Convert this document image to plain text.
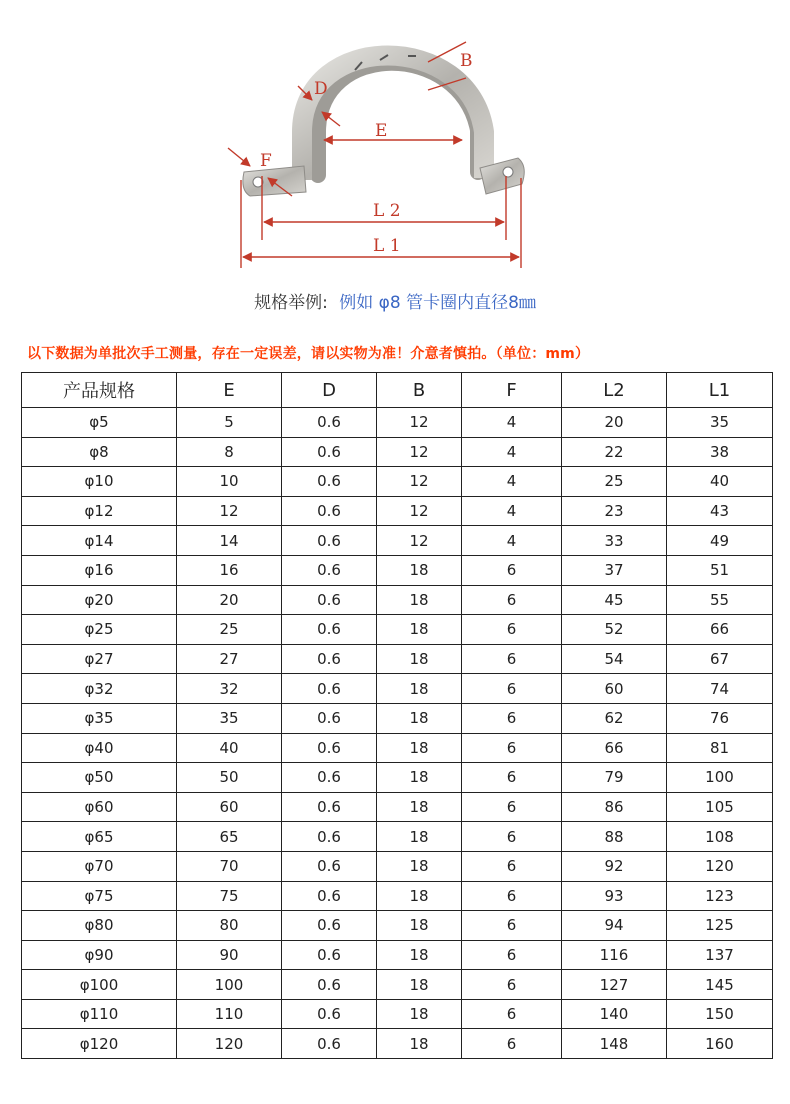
B
D
E
F
L 2
L 1
规格举例: 例如 φ8 管卡圈内直径8㎜
以下数据为单批次手工测量，存在一定误差，请以实物为准！介意者慎拍。（单位：mm）
产品规格	E	D	B	F	L2	L1
φ5	5	0.6	12	4	20	35
φ8	8	0.6	12	4	22	38
φ10	10	0.6	12	4	25	40
φ12	12	0.6	12	4	23	43
φ14	14	0.6	12	4	33	49
φ16	16	0.6	18	6	37	51
φ20	20	0.6	18	6	45	55
φ25	25	0.6	18	6	52	66
φ27	27	0.6	18	6	54	67
φ32	32	0.6	18	6	60	74
φ35	35	0.6	18	6	62	76
φ40	40	0.6	18	6	66	81
φ50	50	0.6	18	6	79	100
φ60	60	0.6	18	6	86	105
φ65	65	0.6	18	6	88	108
φ70	70	0.6	18	6	92	120
φ75	75	0.6	18	6	93	123
φ80	80	0.6	18	6	94	125
φ90	90	0.6	18	6	116	137
φ100	100	0.6	18	6	127	145
φ110	110	0.6	18	6	140	150
φ120	120	0.6	18	6	148	160
